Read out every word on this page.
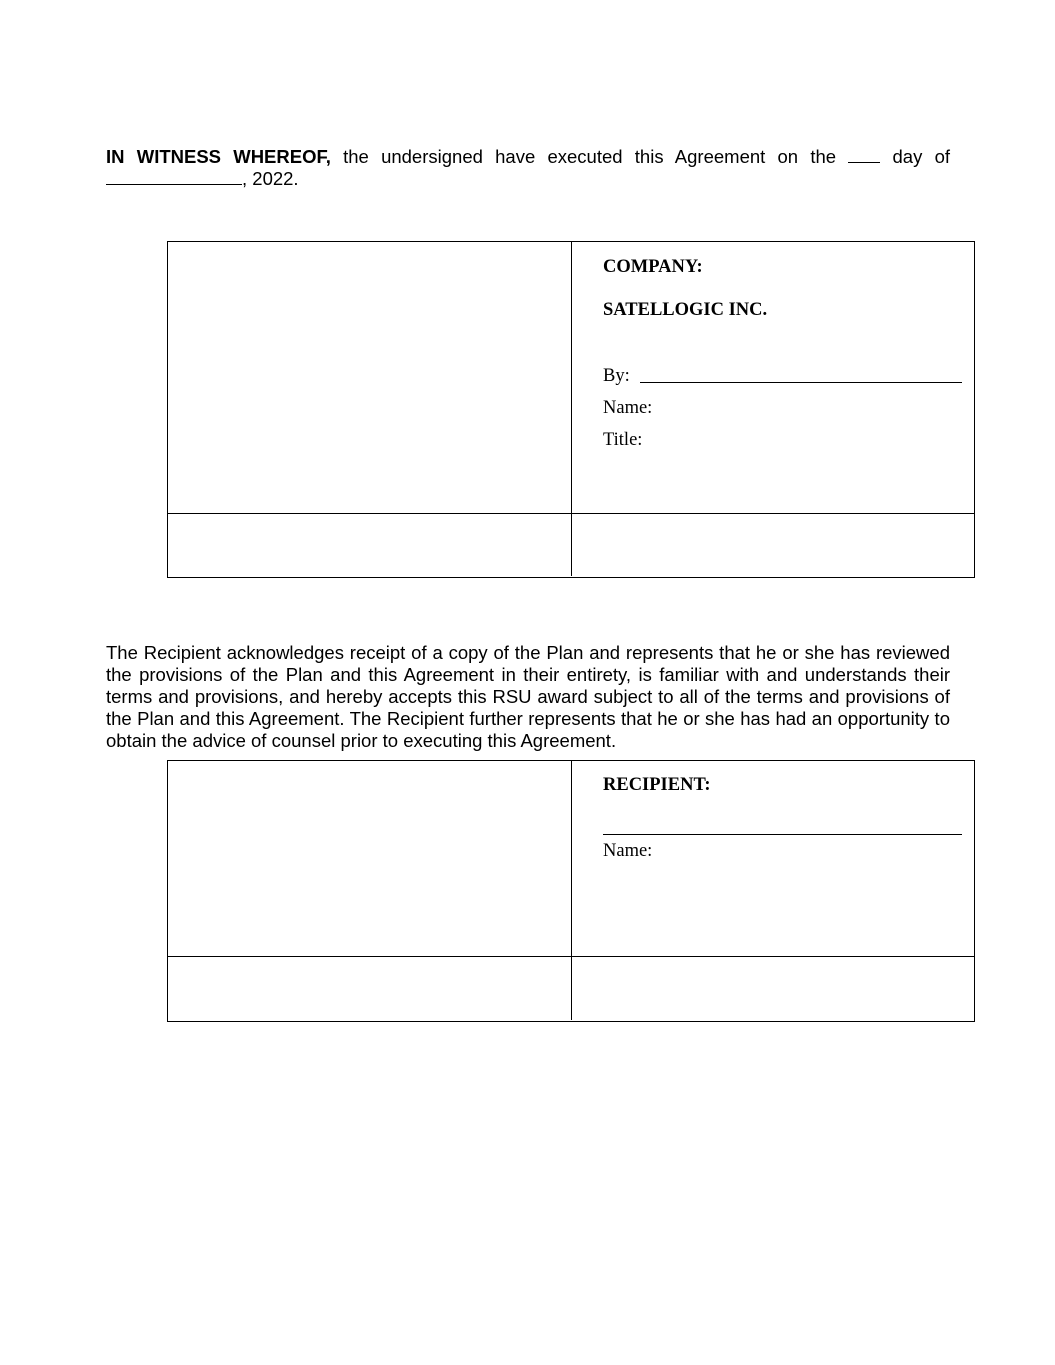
IN WITNESS WHEREOF, the undersigned have executed this Agreement on the  day of
, 2022.
COMPANY:
SATELLOGIC INC.
By:
Name:
Title:
The Recipient acknowledges receipt of a copy of the Plan and represents that he or she has reviewed the provisions of the Plan and this Agreement in their entirety, is familiar with and understands their terms and provisions, and hereby accepts this RSU award subject to all of the terms and provisions of the Plan and this Agreement. The Recipient further represents that he or she has had an opportunity to obtain the advice of counsel prior to executing this Agreement.
RECIPIENT:
Name:
